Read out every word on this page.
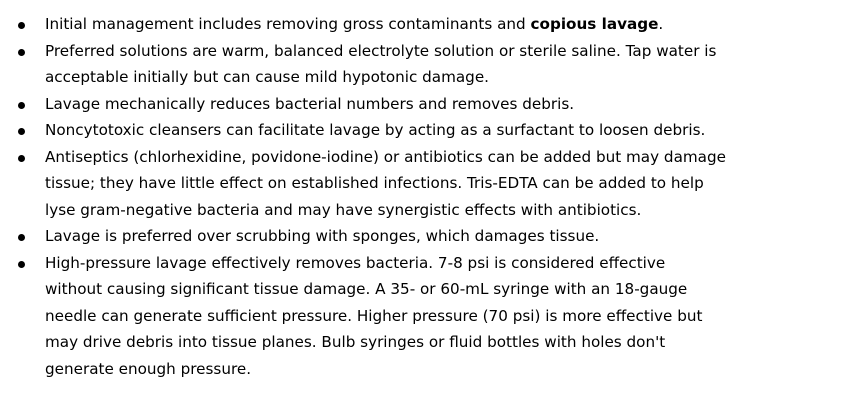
Initial management includes removing gross contaminants and copious lavage.
Preferred solutions are warm, balanced electrolyte solution or sterile saline. Tap water is
acceptable initially but can cause mild hypotonic damage.
Lavage mechanically reduces bacterial numbers and removes debris.
Noncytotoxic cleansers can facilitate lavage by acting as a surfactant to loosen debris.
Antiseptics (chlorhexidine, povidone-iodine) or antibiotics can be added but may damage
tissue; they have little effect on established infections. Tris-EDTA can be added to help
lyse gram-negative bacteria and may have synergistic effects with antibiotics.
Lavage is preferred over scrubbing with sponges, which damages tissue.
High-pressure lavage effectively removes bacteria. 7-8 psi is considered effective
without causing significant tissue damage. A 35- or 60-mL syringe with an 18-gauge
needle can generate sufficient pressure. Higher pressure (70 psi) is more effective but
may drive debris into tissue planes. Bulb syringes or fluid bottles with holes don't
generate enough pressure.
